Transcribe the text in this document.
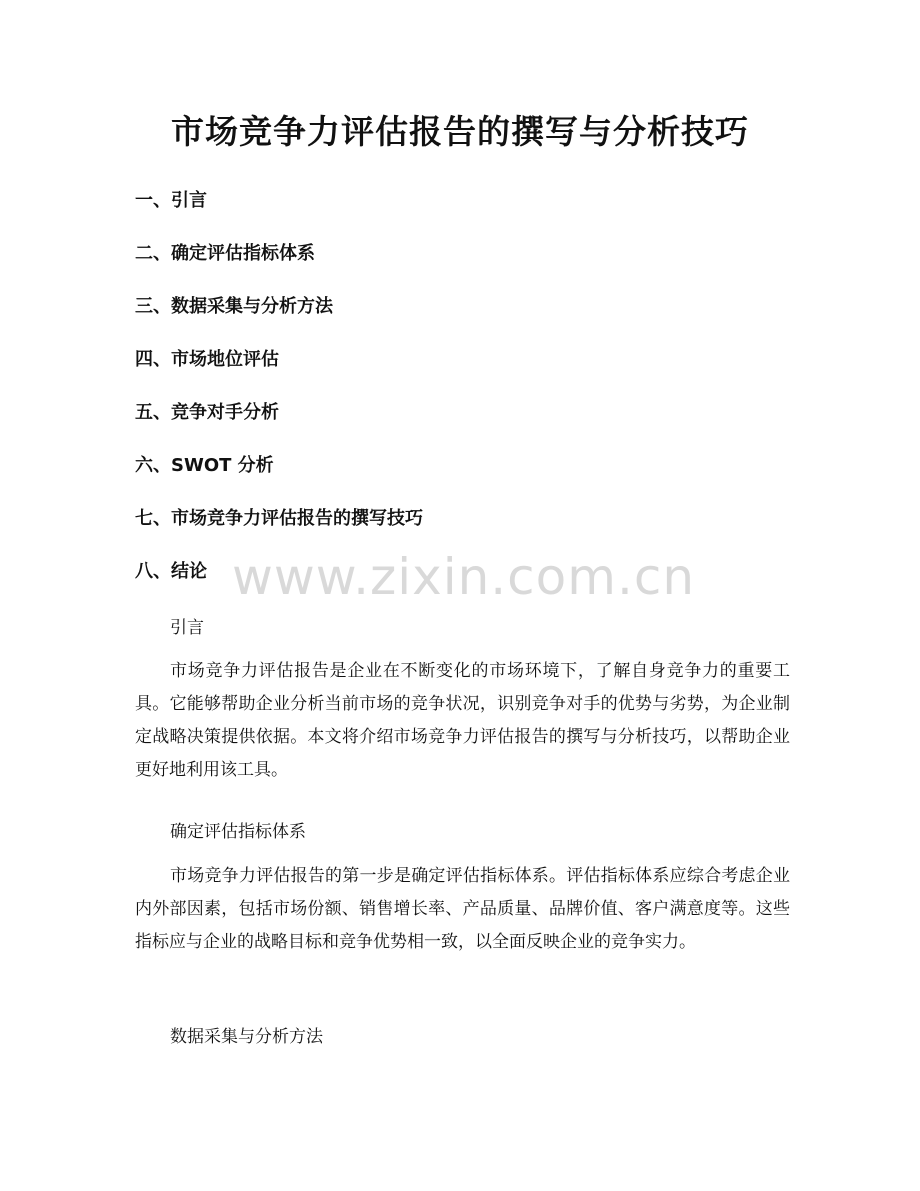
市场竞争力评估报告的撰写与分析技巧
一、引言
二、确定评估指标体系
三、数据采集与分析方法
四、市场地位评估
五、竞争对手分析
六、SWOT 分析
七、市场竞争力评估报告的撰写技巧
八、结论 www.zixin.com.cn
引言

市场竞争力评估报告是企业在不断变化的市场环境下，了解自身竞争力的重要工具。它能够帮助企业分析当前市场的竞争状况，识别竞争对手的优势与劣势，为企业制定战略决策提供依据。本文将介绍市场竞争力评估报告的撰写与分析技巧，以帮助企业更好地利用该工具。

确定评估指标体系

市场竞争力评估报告的第一步是确定评估指标体系。评估指标体系应综合考虑企业内外部因素，包括市场份额、销售增长率、产品质量、品牌价值、客户满意度等。这些指标应与企业的战略目标和竞争优势相一致，以全面反映企业的竞争实力。

数据采集与分析方法
